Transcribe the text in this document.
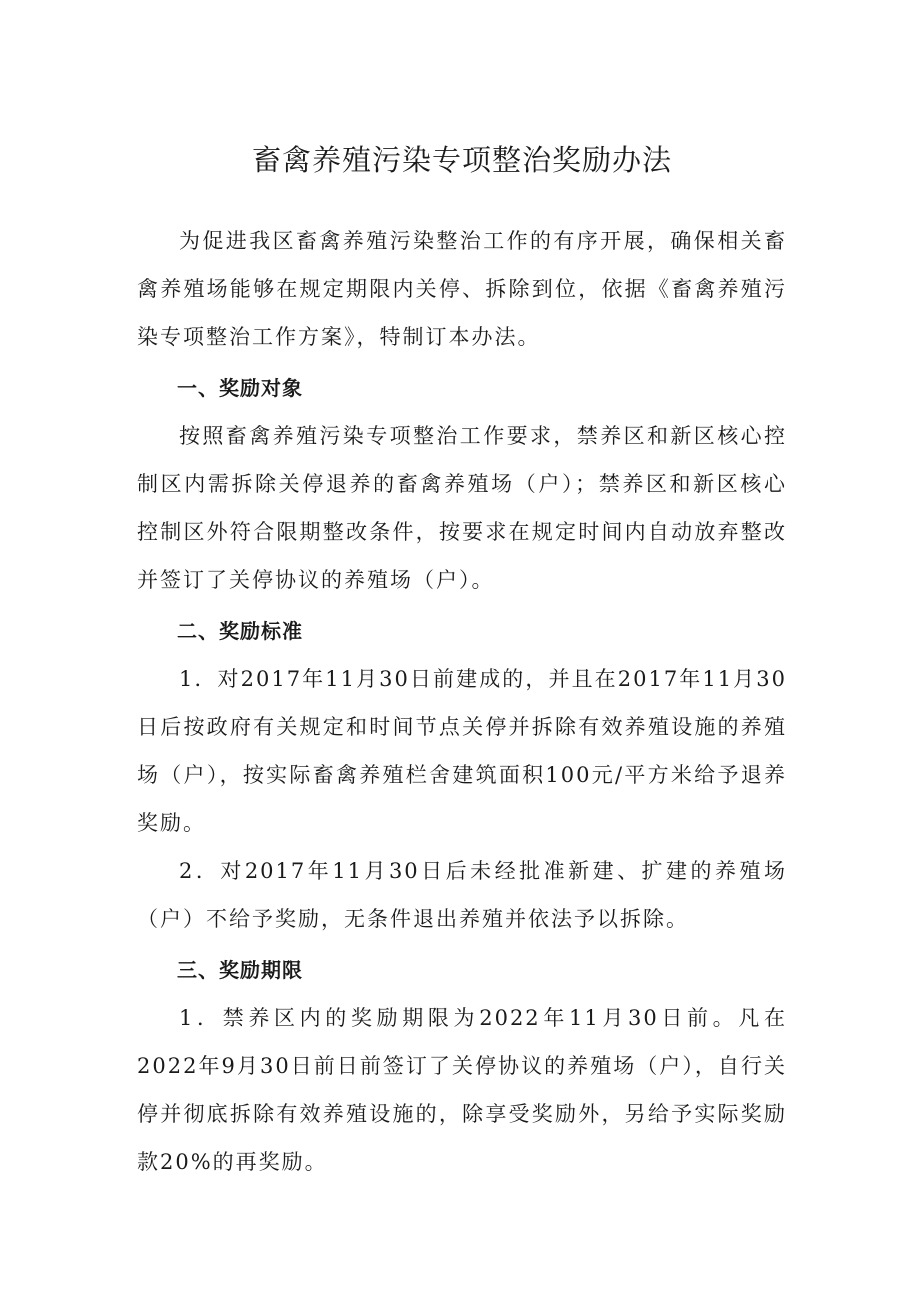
畜禽养殖污染专项整治奖励办法

为促进我区畜禽养殖污染整治工作的有序开展，确保相关畜禽养殖场能够在规定期限内关停、拆除到位，依据《畜禽养殖污染专项整治工作方案》，特制订本办法。

一、奖励对象

按照畜禽养殖污染专项整治工作要求，禁养区和新区核心控制区内需拆除关停退养的畜禽养殖场（户）；禁养区和新区核心控制区外符合限期整改条件，按要求在规定时间内自动放弃整改并签订了关停协议的养殖场（户）。

二、奖励标准

1．对2017年11月30日前建成的，并且在2017年11月30日后按政府有关规定和时间节点关停并拆除有效养殖设施的养殖场（户），按实际畜禽养殖栏舍建筑面积100元/平方米给予退养奖励。

2．对2017年11月30日后未经批准新建、扩建的养殖场（户）不给予奖励，无条件退出养殖并依法予以拆除。

三、奖励期限

1．禁养区内的奖励期限为2022年11月30日前。凡在2022年9月30日前日前签订了关停协议的养殖场（户），自行关停并彻底拆除有效养殖设施的，除享受奖励外，另给予实际奖励款20%的再奖励。
